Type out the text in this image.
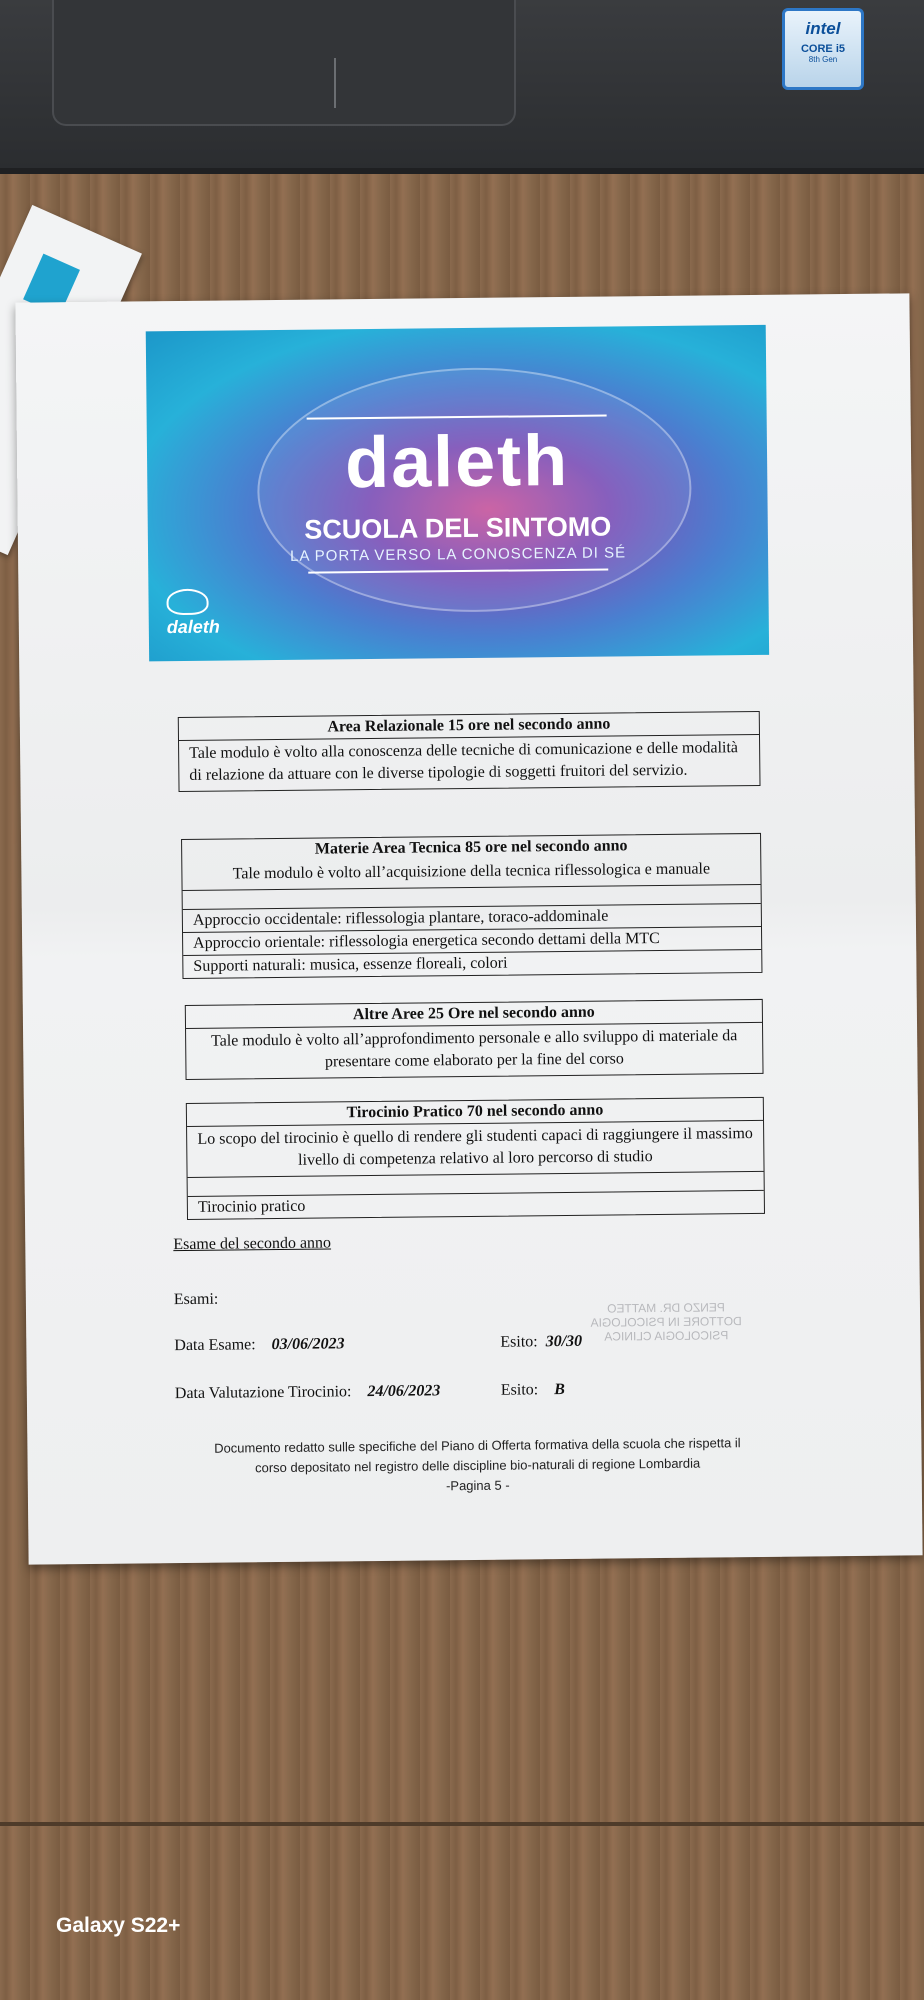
intel
CORE i5
8th Gen
daleth
SCUOLA DEL SINTOMO
LA PORTA VERSO LA CONOSCENZA DI SÉ
daleth
Area Relazionale 15 ore nel secondo anno
Tale modulo è volto alla conoscenza delle tecniche di comunicazione e delle modalità di relazione da attuare con le diverse tipologie di soggetti fruitori del servizio.
Materie Area Tecnica 85 ore nel secondo anno
Tale modulo è volto all’acquisizione della tecnica riflessologica e manuale
Approccio occidentale: riflessologia plantare, toraco-addominale
Approccio orientale: riflessologia energetica secondo dettami della MTC
Supporti naturali: musica, essenze floreali, colori
Altre Aree 25 Ore nel secondo anno
Tale modulo è volto all’approfondimento personale e allo sviluppo di materiale da presentare come elaborato per la fine del corso
Tirocinio Pratico 70 nel secondo anno
Lo scopo del tirocinio è quello di rendere gli studenti capaci di raggiungere il massimo livello di competenza relativo al loro percorso di studio
Tirocinio pratico
Esame del secondo anno
Esami:
Data Esame: 03/06/2023	Esito: 30/30
Data Valutazione Tirocinio: 24/06/2023	Esito: B
PENZO DR. MATTEO
DOTTORE IN PSICOLOGIA
PSICOLOGIA CLINICA
Documento redatto sulle specifiche del Piano di Offerta formativa della scuola che rispetta il
corso depositato nel registro delle discipline bio-naturali di regione Lombardia
-Pagina 5 -
Galaxy S22+
